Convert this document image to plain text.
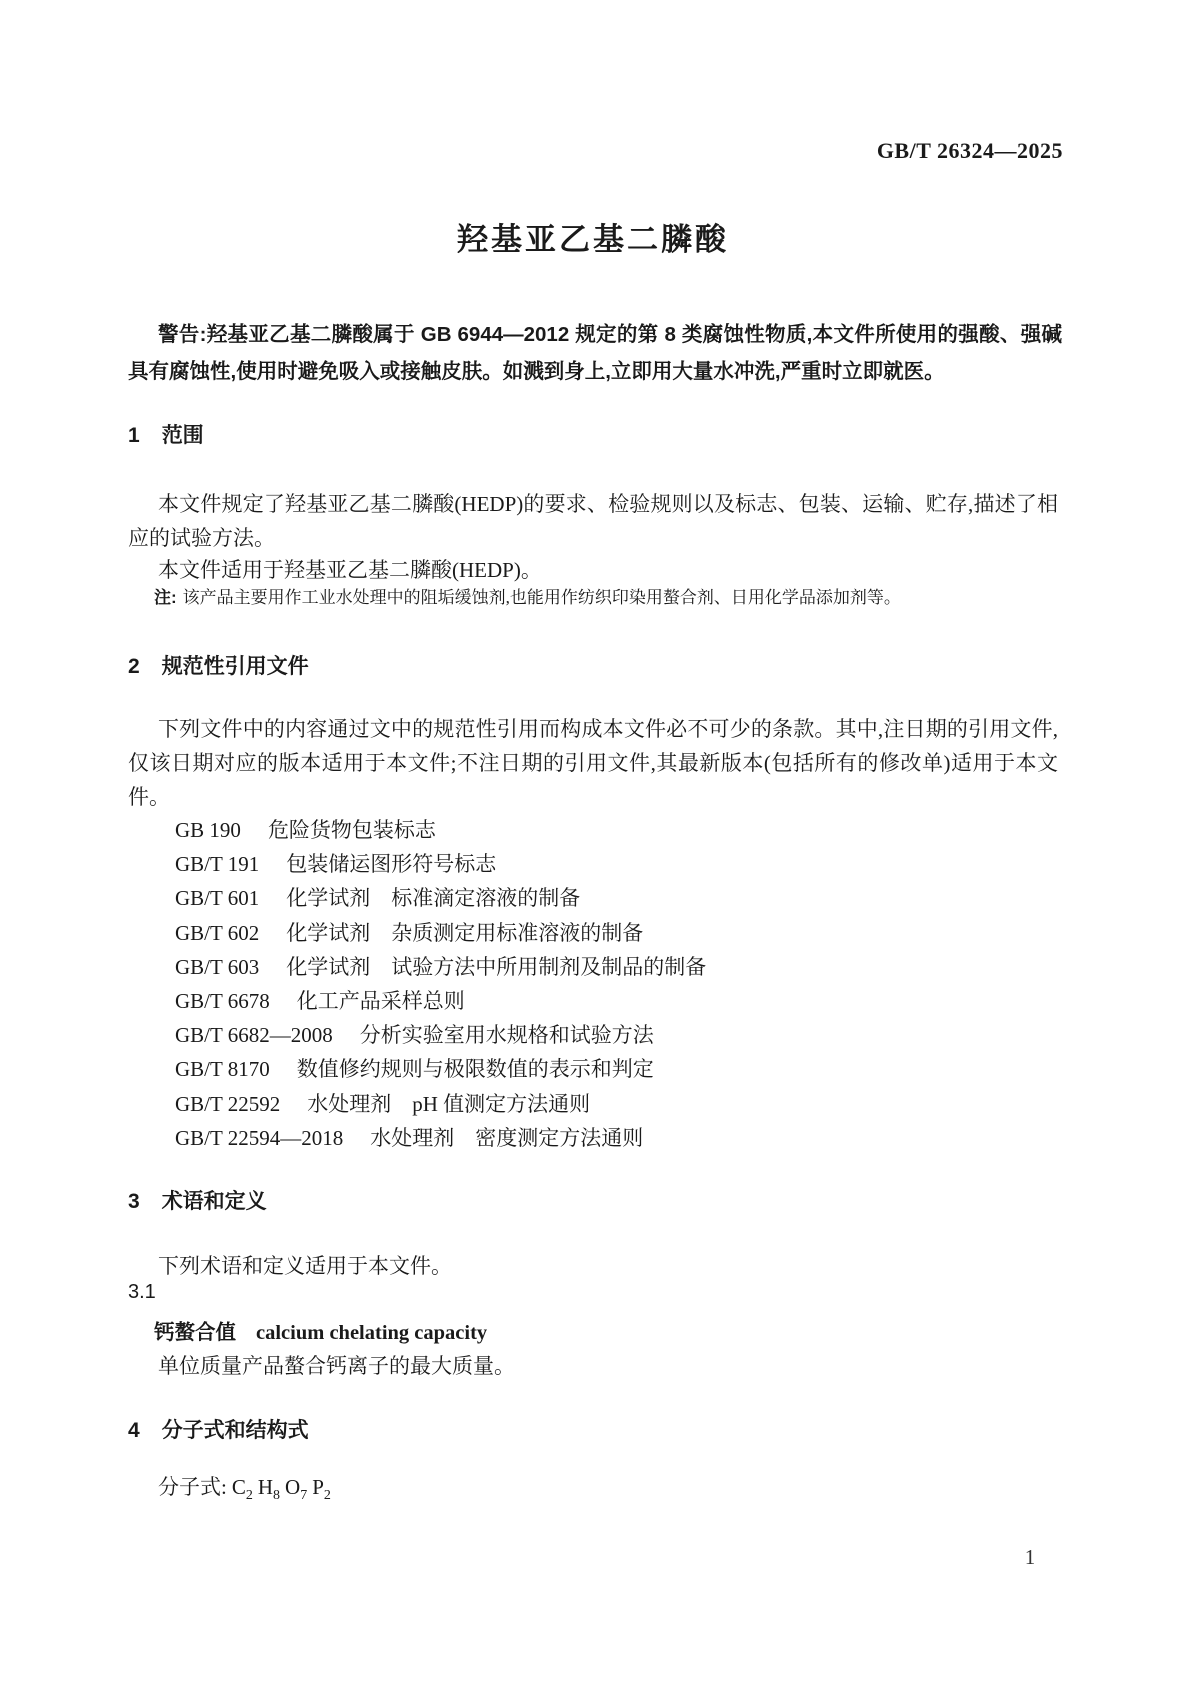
GB/T 26324—2025
羟基亚乙基二膦酸
警告:羟基亚乙基二膦酸属于 GB 6944—2012 规定的第 8 类腐蚀性物质,本文件所使用的强酸、强碱具有腐蚀性,使用时避免吸入或接触皮肤。如溅到身上,立即用大量水冲洗,严重时立即就医。
1 范围
本文件规定了羟基亚乙基二膦酸(HEDP)的要求、检验规则以及标志、包装、运输、贮存,描述了相应的试验方法。
本文件适用于羟基亚乙基二膦酸(HEDP)。
注: 该产品主要用作工业水处理中的阻垢缓蚀剂,也能用作纺织印染用螯合剂、日用化学品添加剂等。
2 规范性引用文件
下列文件中的内容通过文中的规范性引用而构成本文件必不可少的条款。其中,注日期的引用文件,仅该日期对应的版本适用于本文件;不注日期的引用文件,其最新版本(包括所有的修改单)适用于本文件。
GB 190 危险货物包装标志
GB/T 191 包装储运图形符号标志
GB/T 601 化学试剂　标准滴定溶液的制备
GB/T 602 化学试剂　杂质测定用标准溶液的制备
GB/T 603 化学试剂　试验方法中所用制剂及制品的制备
GB/T 6678 化工产品采样总则
GB/T 6682—2008 分析实验室用水规格和试验方法
GB/T 8170 数值修约规则与极限数值的表示和判定
GB/T 22592 水处理剂　pH 值测定方法通则
GB/T 22594—2018 水处理剂　密度测定方法通则
3 术语和定义
下列术语和定义适用于本文件。
3.1
钙螯合值 calcium chelating capacity
单位质量产品螯合钙离子的最大质量。
4 分子式和结构式
分子式: $C_2$ $H_8$ $O_7$ $P_2$
1
